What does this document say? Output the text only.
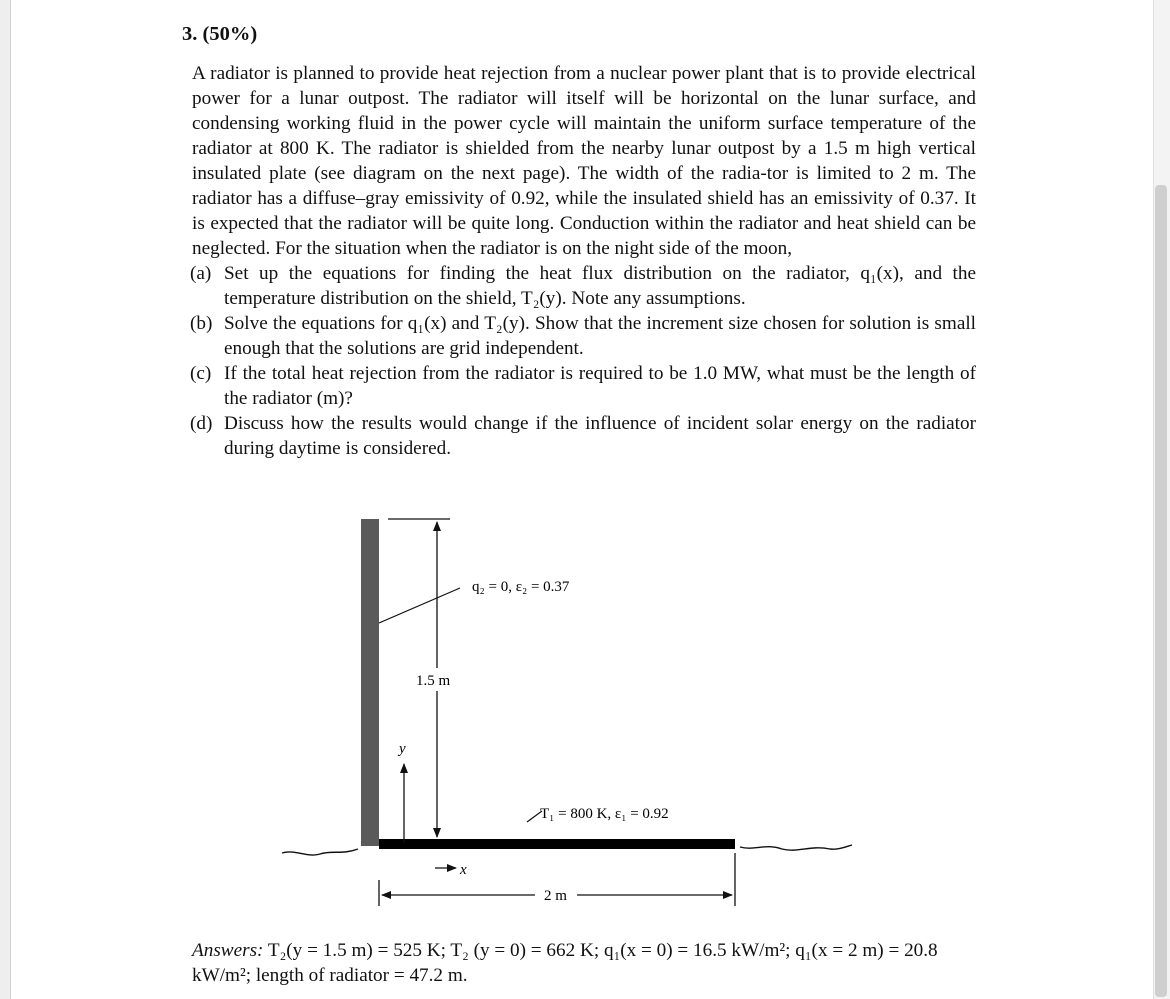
3. (50%)
A radiator is planned to provide heat rejection from a nuclear power plant that is to provide electrical power for a lunar outpost. The radiator will itself will be horizontal on the lunar surface, and condensing working fluid in the power cycle will maintain the uniform surface temperature of the radiator at 800 K. The radiator is shielded from the nearby lunar outpost by a 1.5 m high vertical insulated plate (see diagram on the next page). The width of the radia-tor is limited to 2 m. The radiator has a diffuse–gray emissivity of 0.92, while the insulated shield has an emissivity of 0.37. It is expected that the radiator will be quite long. Conduction within the radiator and heat shield can be neglected. For the situation when the radiator is on the night side of the moon,
(a) Set up the equations for finding the heat flux distribution on the radiator, q₁(x), and the temperature distribution on the shield, T₂(y). Note any assumptions.
(b) Solve the equations for q₁(x) and T₂(y). Show that the increment size chosen for solution is small enough that the solutions are grid independent.
(c) If the total heat rejection from the radiator is required to be 1.0 MW, what must be the length of the radiator (m)?
(d) Discuss how the results would change if the influence of incident solar energy on the radiator during daytime is considered.
1.5 m
q₂ = 0, ε₂ = 0.37
y
T₁ = 800 K, ε₁ = 0.92
x
2 m
Answers: T₂(y = 1.5 m) = 525 K; T₂ (y = 0) = 662 K; q₁(x = 0) = 16.5 kW/m²; q₁(x = 2 m) = 20.8 kW/m²; length of radiator = 47.2 m.
